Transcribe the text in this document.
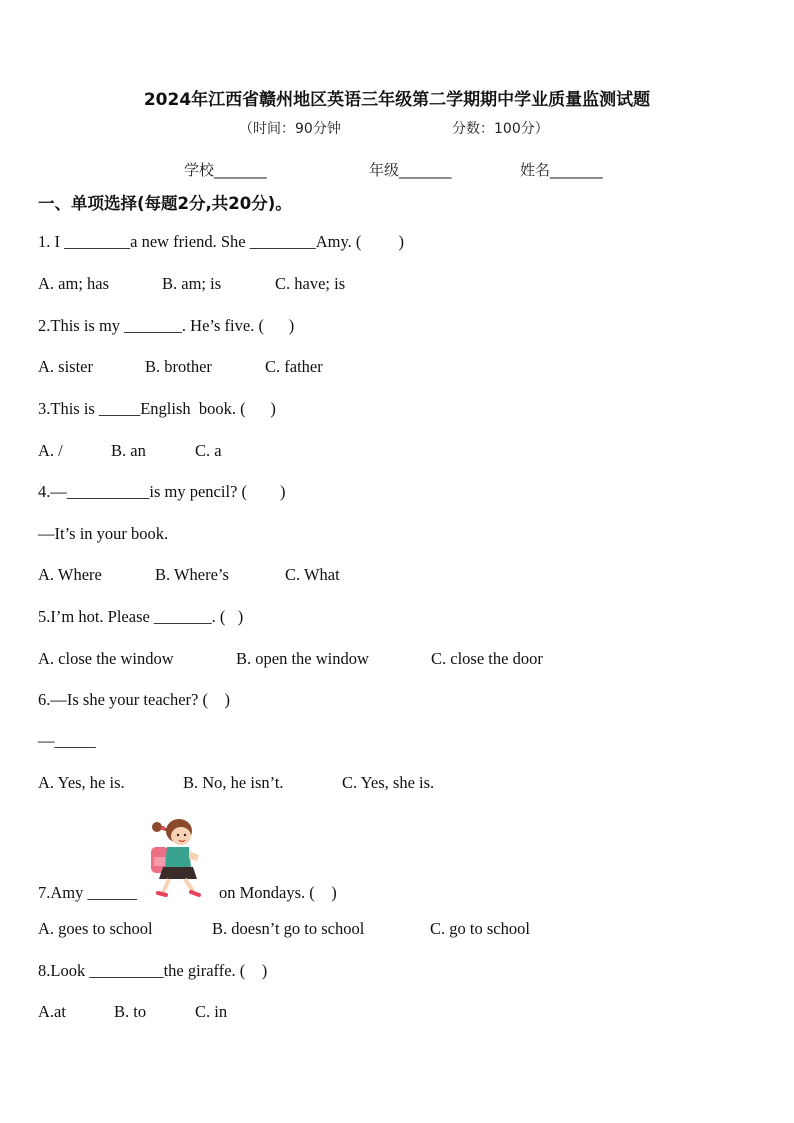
2024年江西省赣州地区英语三年级第二学期期中学业质量监测试题
（时间：90分钟	分数：100分）
学校_______	年级_______	姓名_______
一、单项选择(每题2分,共20分)。
1. I ________a new friend. She ________Amy. (         )
A. am; has	B. am; is	C. have; is
2.This is my _______. He’s five. (      )
A. sister	B. brother	C. father
3.This is _____English  book. (      )
A. /	B. an	C. a
4.—__________is my pencil? (        )
—It’s in your book.
A. Where	B. Where’s	C. What
5.I’m hot. Please _______. (   )
A. close the window	B. open the window	C. close the door
6.—Is she your teacher? (    )
—_____
A. Yes, he is.	B. No, he isn’t.	C. Yes, she is.
7.Amy ______	on Mondays. (    )
A. goes to school	B. doesn’t go to school	C. go to school
8.Look _________the giraffe. (    )
A.at	B. to	C. in
